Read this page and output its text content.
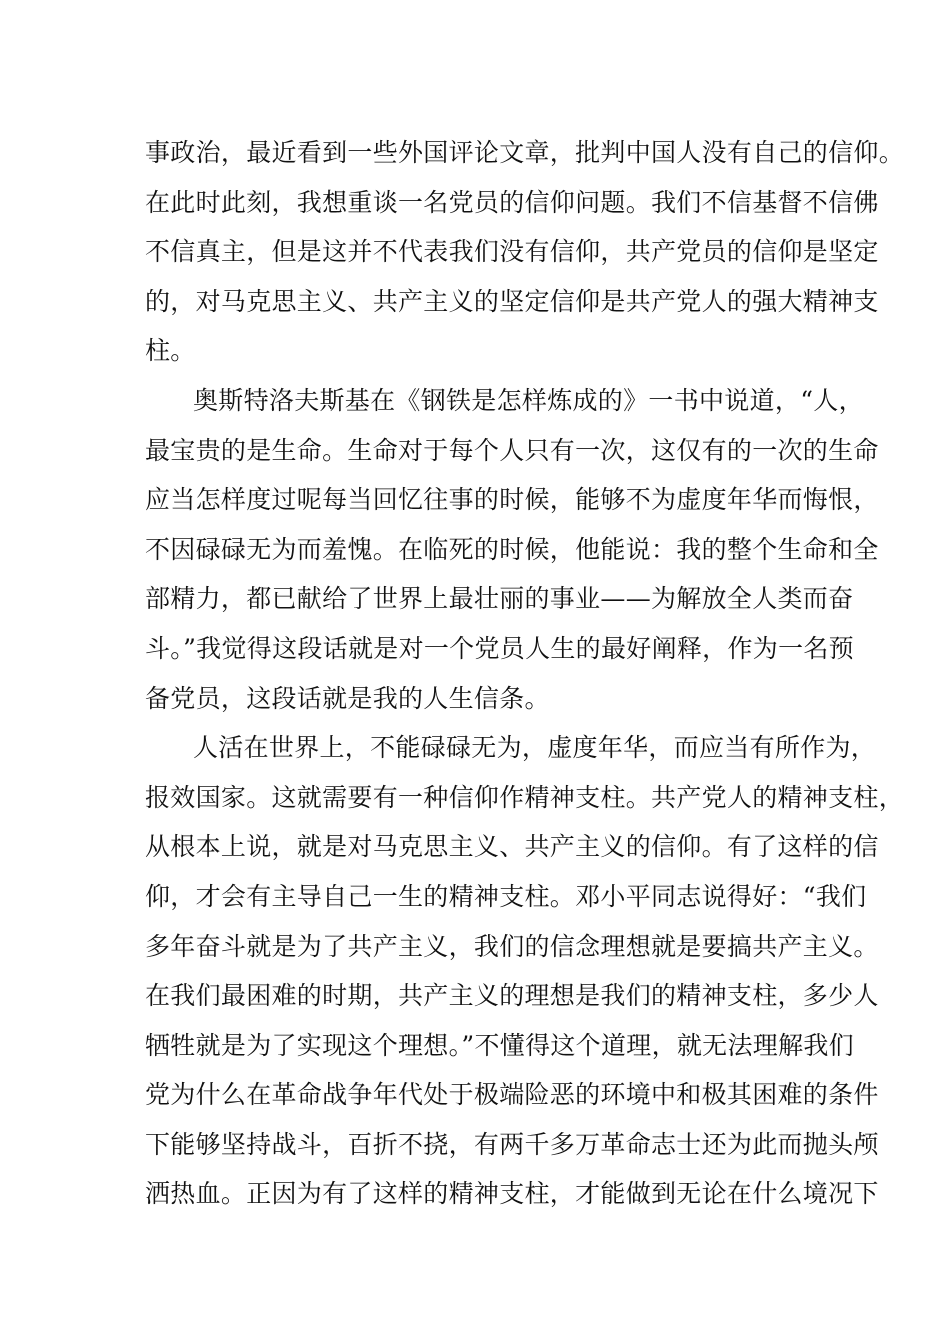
事政治，最近看到一些外国评论文章，批判中国人没有自己的信仰。
在此时此刻，我想重谈一名党员的信仰问题。我们不信基督不信佛
不信真主，但是这并不代表我们没有信仰，共产党员的信仰是坚定
的，对马克思主义、共产主义的坚定信仰是共产党人的强大精神支
柱。
奥斯特洛夫斯基在《钢铁是怎样炼成的》一书中说道，“人，
最宝贵的是生命。生命对于每个人只有一次，这仅有的一次的生命
应当怎样度过呢每当回忆往事的时候，能够不为虚度年华而悔恨，
不因碌碌无为而羞愧。在临死的时候，他能说：我的整个生命和全
部精力，都已献给了世界上最壮丽的事业——为解放全人类而奋
斗。”我觉得这段话就是对一个党员人生的最好阐释，作为一名预
备党员，这段话就是我的人生信条。
人活在世界上，不能碌碌无为，虚度年华，而应当有所作为，
报效国家。这就需要有一种信仰作精神支柱。共产党人的精神支柱，
从根本上说，就是对马克思主义、共产主义的信仰。有了这样的信
仰，才会有主导自己一生的精神支柱。邓小平同志说得好：“我们
多年奋斗就是为了共产主义，我们的信念理想就是要搞共产主义。
在我们最困难的时期，共产主义的理想是我们的精神支柱，多少人
牺牲就是为了实现这个理想。”不懂得这个道理，就无法理解我们
党为什么在革命战争年代处于极端险恶的环境中和极其困难的条件
下能够坚持战斗，百折不挠，有两千多万革命志士还为此而抛头颅
洒热血。正因为有了这样的精神支柱，才能做到无论在什么境况下
